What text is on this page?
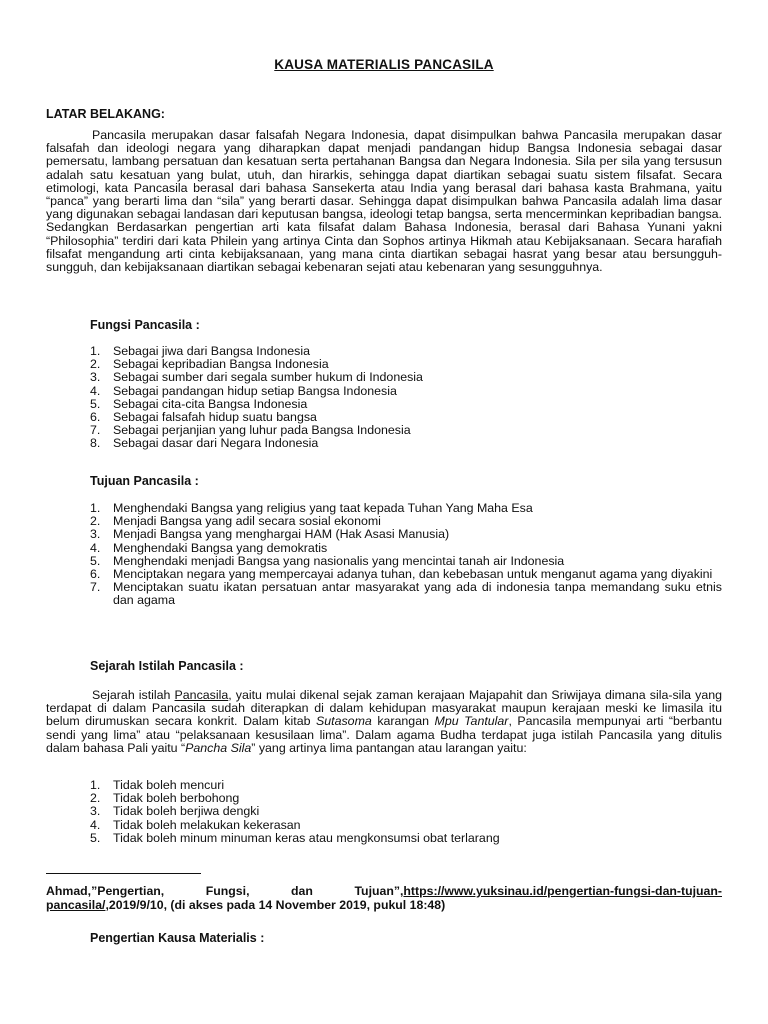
KAUSA MATERIALIS PANCASILA
LATAR BELAKANG:

Pancasila merupakan dasar falsafah Negara Indonesia, dapat disimpulkan bahwa Pancasila merupakan dasar falsafah dan ideologi negara yang diharapkan dapat menjadi pandangan hidup Bangsa Indonesia sebagai dasar pemersatu, lambang persatuan dan kesatuan serta pertahanan Bangsa dan Negara Indonesia. Sila per sila yang tersusun adalah satu kesatuan yang bulat, utuh, dan hirarkis, sehingga dapat diartikan sebagai suatu sistem filsafat. Secara etimologi, kata Pancasila berasal dari bahasa Sansekerta atau India yang berasal dari bahasa kasta Brahmana, yaitu “panca” yang berarti lima dan “sila” yang berarti dasar. Sehingga dapat disimpulkan bahwa Pancasila adalah lima dasar yang digunakan sebagai landasan dari keputusan bangsa, ideologi tetap bangsa, serta mencerminkan kepribadian bangsa. Sedangkan Berdasarkan pengertian arti kata filsafat dalam Bahasa Indonesia, berasal dari Bahasa Yunani yakni “Philosophia” terdiri dari kata Philein yang artinya Cinta dan Sophos artinya Hikmah atau Kebijaksanaan. Secara harafiah filsafat mengandung arti cinta kebijaksanaan, yang mana cinta diartikan sebagai hasrat yang besar atau bersungguh-sungguh, dan kebijaksanaan diartikan sebagai kebenaran sejati atau kebenaran yang sesungguhnya.

Fungsi Pancasila :
1. Sebagai jiwa dari Bangsa Indonesia
2. Sebagai kepribadian Bangsa Indonesia
3. Sebagai sumber dari segala sumber hukum di Indonesia
4. Sebagai pandangan hidup setiap Bangsa Indonesia
5. Sebagai cita-cita Bangsa Indonesia
6. Sebagai falsafah hidup suatu bangsa
7. Sebagai perjanjian yang luhur pada Bangsa Indonesia
8. Sebagai dasar dari Negara Indonesia
Tujuan Pancasila :
1. Menghendaki Bangsa yang religius yang taat kepada Tuhan Yang Maha Esa
2. Menjadi Bangsa yang adil secara sosial ekonomi
3. Menjadi Bangsa yang menghargai HAM (Hak Asasi Manusia)
4. Menghendaki Bangsa yang demokratis
5. Menghendaki menjadi Bangsa yang nasionalis yang mencintai tanah air Indonesia
6. Menciptakan negara yang mempercayai adanya tuhan, dan kebebasan untuk menganut agama yang diyakini
7. Menciptakan suatu ikatan persatuan antar masyarakat yang ada di indonesia tanpa memandang suku etnis dan agama
Sejarah Istilah Pancasila :

Sejarah istilah Pancasila, yaitu mulai dikenal sejak zaman kerajaan Majapahit dan Sriwijaya dimana sila-sila yang terdapat di dalam Pancasila sudah diterapkan di dalam kehidupan masyarakat maupun kerajaan meski ke limasila itu belum dirumuskan secara konkrit. Dalam kitab Sutasoma karangan Mpu Tantular, Pancasila mempunyai arti “berbantu sendi yang lima” atau “pelaksanaan kesusilaan lima”. Dalam agama Budha terdapat juga istilah Pancasila yang ditulis dalam bahasa Pali yaitu “Pancha Sila” yang artinya lima pantangan atau larangan yaitu:

1. Tidak boleh mencuri
2. Tidak boleh berbohong
3. Tidak boleh berjiwa dengki
4. Tidak boleh melakukan kekerasan
5. Tidak boleh minum minuman keras atau mengkonsumsi obat terlarang
Ahmad,”Pengertian, Fungsi, dan Tujuan”,https://www.yuksinau.id/pengertian-fungsi-dan-tujuan-pancasila/,2019/9/10, (di akses pada 14 November 2019, pukul 18:48)
Pengertian Kausa Materialis :
